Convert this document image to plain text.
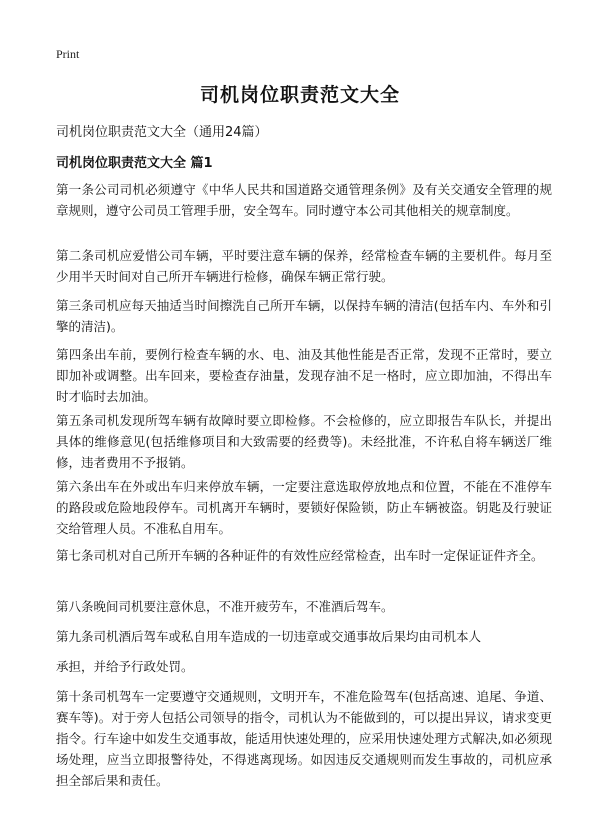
Print
司机岗位职责范文大全
司机岗位职责范文大全（通用24篇）
司机岗位职责范文大全 篇1

第一条公司司机必须遵守《中华人民共和国道路交通管理条例》及有关交通安全管理的规章规则，遵守公司员工管理手册，安全驾车。同时遵守本公司其他相关的规章制度。

第二条司机应爱惜公司车辆，平时要注意车辆的保养，经常检查车辆的主要机件。每月至少用半天时间对自己所开车辆进行检修，确保车辆正常行驶。

第三条司机应每天抽适当时间擦洗自己所开车辆，以保持车辆的清洁(包括车内、车外和引擎的清洁)。

第四条出车前，要例行检查车辆的水、电、油及其他性能是否正常，发现不正常时，要立即加补或调整。出车回来，要检查存油量，发现存油不足一格时，应立即加油，不得出车时才临时去加油。

第五条司机发现所驾车辆有故障时要立即检修。不会检修的，应立即报告车队长，并提出具体的维修意见(包括维修项目和大致需要的经费等)。未经批准，不许私自将车辆送厂维修，违者费用不予报销。

第六条出车在外或出车归来停放车辆，一定要注意选取停放地点和位置，不能在不准停车的路段或危险地段停车。司机离开车辆时，要锁好保险锁，防止车辆被盗。钥匙及行驶证交给管理人员。不准私自用车。

第七条司机对自己所开车辆的各种证件的有效性应经常检查，出车时一定保证证件齐全。

第八条晚间司机要注意休息，不准开疲劳车，不准酒后驾车。

第九条司机酒后驾车或私自用车造成的一切违章或交通事故后果均由司机本人

承担，并给予行政处罚。

第十条司机驾车一定要遵守交通规则，文明开车，不准危险驾车(包括高速、追尾、争道、赛车等)。对于旁人包括公司领导的指令，司机认为不能做到的，可以提出异议，请求变更指令。行车途中如发生交通事故，能适用快速处理的，应采用快速处理方式解决,如必须现场处理，应当立即报警待处，不得逃离现场。如因违反交通规则而发生事故的，司机应承担全部后果和责任。
